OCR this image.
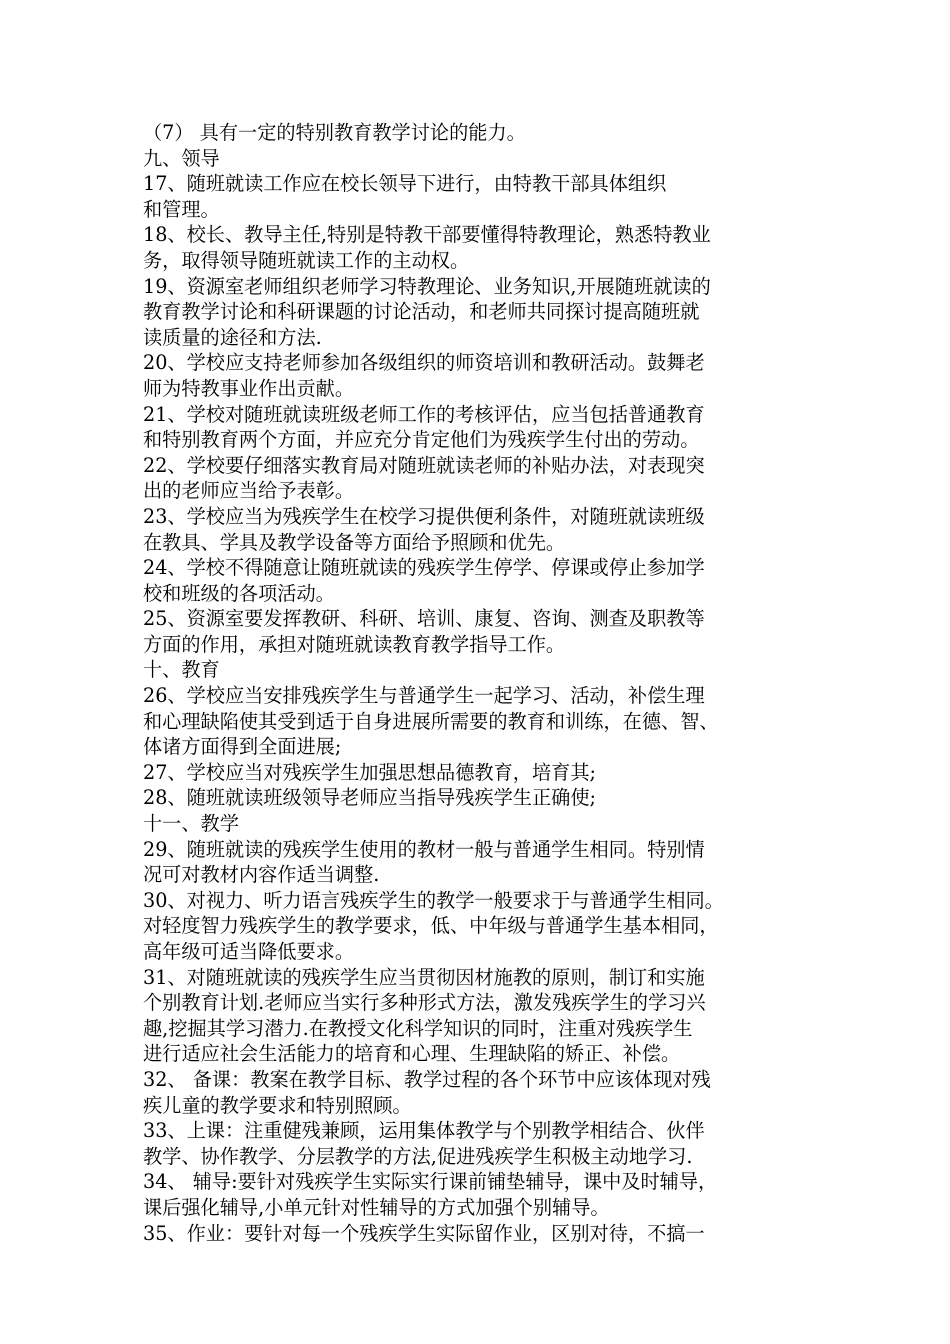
（7） 具有一定的特别教育教学讨论的能力。
九、领导
17、随班就读工作应在校长领导下进行，由特教干部具体组织
和管理。
18、校长、教导主任,特别是特教干部要懂得特教理论，熟悉特教业
务，取得领导随班就读工作的主动权。
19、资源室老师组织老师学习特教理论、业务知识,开展随班就读的
教育教学讨论和科研课题的讨论活动，和老师共同探讨提高随班就
读质量的途径和方法.
20、学校应支持老师参加各级组织的师资培训和教研活动。鼓舞老
师为特教事业作出贡献。
21、学校对随班就读班级老师工作的考核评估，应当包括普通教育
和特别教育两个方面，并应充分肯定他们为残疾学生付出的劳动。
22、学校要仔细落实教育局对随班就读老师的补贴办法，对表现突
出的老师应当给予表彰。
23、学校应当为残疾学生在校学习提供便利条件，对随班就读班级
在教具、学具及教学设备等方面给予照顾和优先。
24、学校不得随意让随班就读的残疾学生停学、停课或停止参加学
校和班级的各项活动。
25、资源室要发挥教研、科研、培训、康复、咨询、测查及职教等
方面的作用，承担对随班就读教育教学指导工作。
十、教育
26、学校应当安排残疾学生与普通学生一起学习、活动，补偿生理
和心理缺陷使其受到适于自身进展所需要的教育和训练，在德、智、
体诸方面得到全面进展;
27、学校应当对残疾学生加强思想品德教育，培育其;
28、随班就读班级领导老师应当指导残疾学生正确使;
十一、教学
29、随班就读的残疾学生使用的教材一般与普通学生相同。特别情
况可对教材内容作适当调整.
30、对视力、听力语言残疾学生的教学一般要求于与普通学生相同。
对轻度智力残疾学生的教学要求，低、中年级与普通学生基本相同，
高年级可适当降低要求。
31、对随班就读的残疾学生应当贯彻因材施教的原则，制订和实施
个别教育计划.老师应当实行多种形式方法，激发残疾学生的学习兴
趣,挖掘其学习潜力.在教授文化科学知识的同时，注重对残疾学生
进行适应社会生活能力的培育和心理、生理缺陷的矫正、补偿。
32、 备课：教案在教学目标、教学过程的各个环节中应该体现对残
疾儿童的教学要求和特别照顾。
33、上课：注重健残兼顾，运用集体教学与个别教学相结合、伙伴
教学、协作教学、分层教学的方法,促进残疾学生积极主动地学习.
34、 辅导:要针对残疾学生实际实行课前铺垫辅导，课中及时辅导，
课后强化辅导,小单元针对性辅导的方式加强个别辅导。
35、作业：要针对每一个残疾学生实际留作业，区别对待，不搞一
